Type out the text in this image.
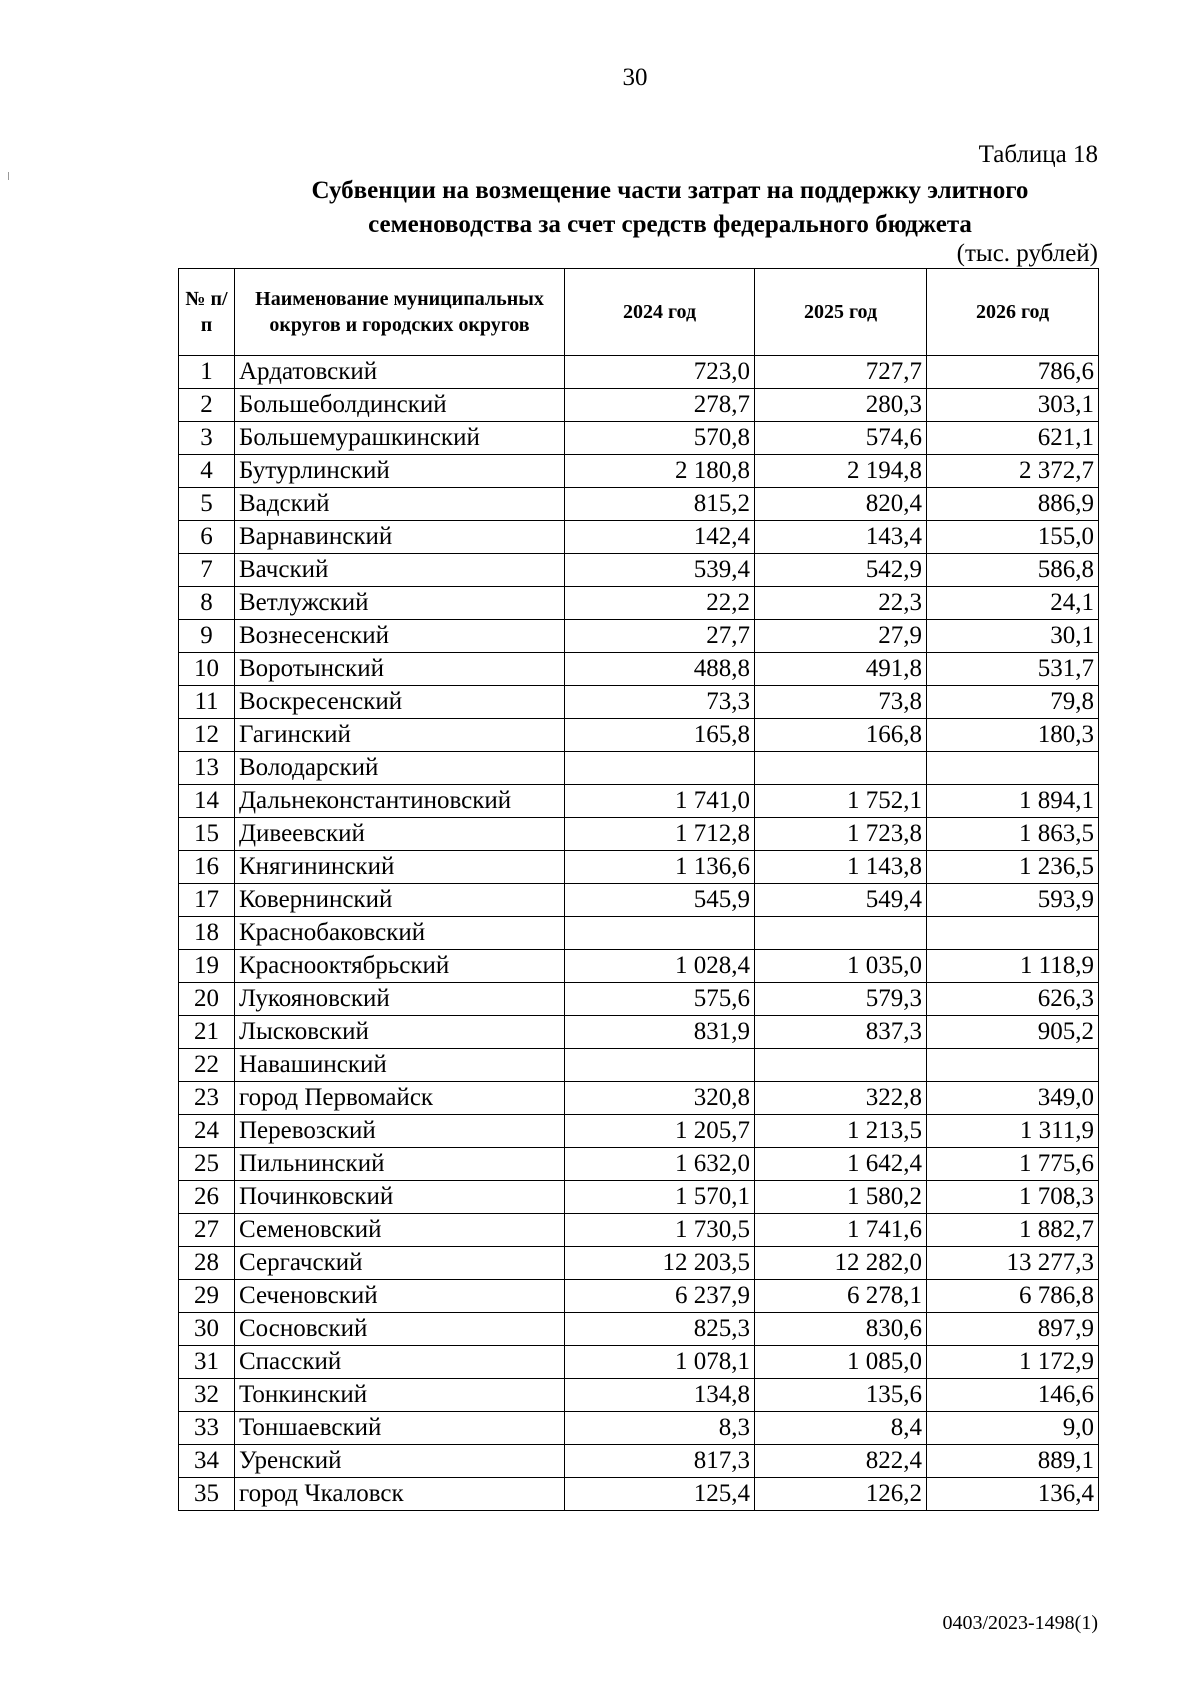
30
Таблица 18
Субвенции на возмещение части затрат на поддержку элитного
семеноводства за счет средств федерального бюджета
(тыс. рублей)
№ п/п	Наименование муниципальных округов и городских округов	2024 год	2025 год	2026 год
1	Ардатовский	723,0	727,7	786,6
2	Большеболдинский	278,7	280,3	303,1
3	Большемурашкинский	570,8	574,6	621,1
4	Бутурлинский	2 180,8	2 194,8	2 372,7
5	Вадский	815,2	820,4	886,9
6	Варнавинский	142,4	143,4	155,0
7	Вачский	539,4	542,9	586,8
8	Ветлужский	22,2	22,3	24,1
9	Вознесенский	27,7	27,9	30,1
10	Воротынский	488,8	491,8	531,7
11	Воскресенский	73,3	73,8	79,8
12	Гагинский	165,8	166,8	180,3
13	Володарский			
14	Дальнеконстантиновский	1 741,0	1 752,1	1 894,1
15	Дивеевский	1 712,8	1 723,8	1 863,5
16	Княгининский	1 136,6	1 143,8	1 236,5
17	Ковернинский	545,9	549,4	593,9
18	Краснобаковский			
19	Краснооктябрьский	1 028,4	1 035,0	1 118,9
20	Лукояновский	575,6	579,3	626,3
21	Лысковский	831,9	837,3	905,2
22	Навашинский			
23	город Первомайск	320,8	322,8	349,0
24	Перевозский	1 205,7	1 213,5	1 311,9
25	Пильнинский	1 632,0	1 642,4	1 775,6
26	Починковский	1 570,1	1 580,2	1 708,3
27	Семеновский	1 730,5	1 741,6	1 882,7
28	Сергачский	12 203,5	12 282,0	13 277,3
29	Сеченовский	6 237,9	6 278,1	6 786,8
30	Сосновский	825,3	830,6	897,9
31	Спасский	1 078,1	1 085,0	1 172,9
32	Тонкинский	134,8	135,6	146,6
33	Тоншаевский	8,3	8,4	9,0
34	Уренский	817,3	822,4	889,1
35	город Чкаловск	125,4	126,2	136,4
0403/2023-1498(1)
